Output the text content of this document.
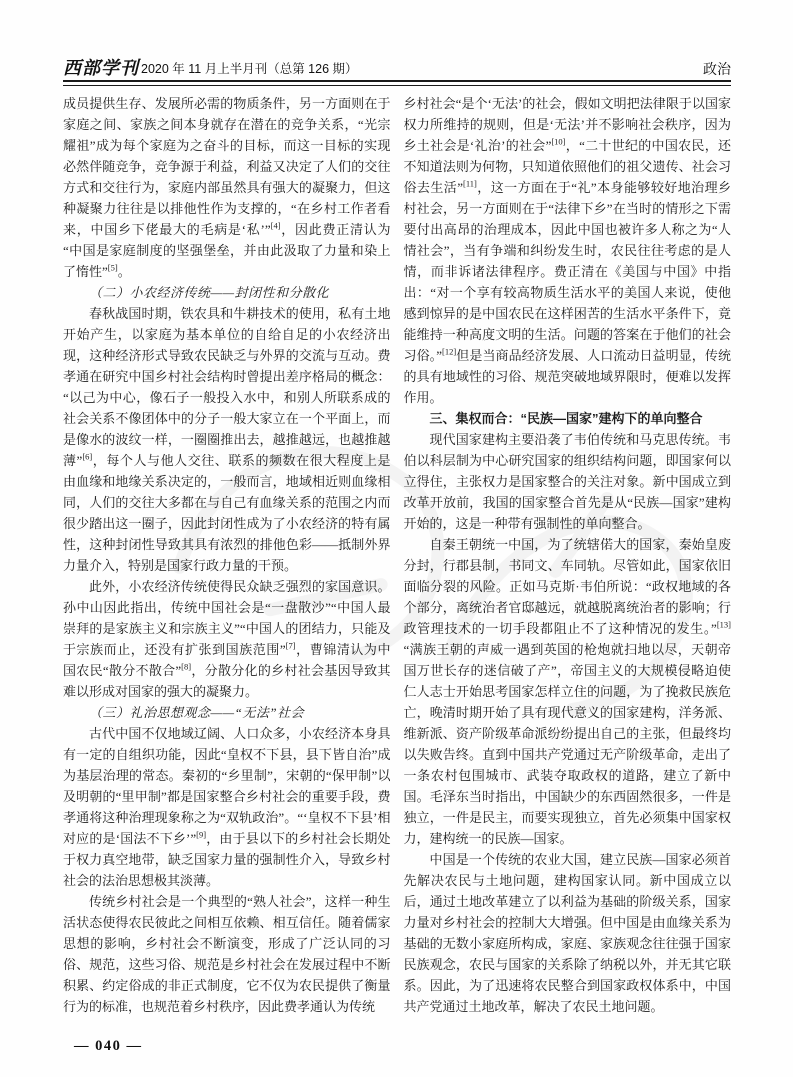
西部学刊 2020 年 11 月上半月刊（总第 126 期）	政治

成员提供生存、发展所必需的物质条件，另一方面则在于家庭之间、家族之间本身就存在潜在的竞争关系，“光宗耀祖”成为每个家庭为之奋斗的目标，而这一目标的实现必然伴随竞争，竞争源于利益，利益又决定了人们的交往方式和交往行为，家庭内部虽然具有强大的凝聚力，但这种凝聚力往往是以排他性作为支撑的，“在乡村工作者看来，中国乡下佬最大的毛病是‘私’”[4]，因此费正清认为“中国是家庭制度的坚强堡垒，并由此汲取了力量和染上了惰性”[5]。

（二）小农经济传统——封闭性和分散化

春秋战国时期，铁农具和牛耕技术的使用，私有土地开始产生，以家庭为基本单位的自给自足的小农经济出现，这种经济形式导致农民缺乏与外界的交流与互动。费孝通在研究中国乡村社会结构时曾提出差序格局的概念：“以己为中心，像石子一般投入水中，和别人所联系成的社会关系不像团体中的分子一般大家立在一个平面上，而是像水的波纹一样，一圈圈推出去，越推越远，也越推越薄”[6]，每个人与他人交往、联系的频数在很大程度上是由血缘和地缘关系决定的，一般而言，地域相近则血缘相同，人们的交往大多都在与自己有血缘关系的范围之内而很少踏出这一圈子，因此封闭性成为了小农经济的特有属性，这种封闭性导致其具有浓烈的排他色彩——抵制外界力量介入，特别是国家行政力量的干预。

此外，小农经济传统使得民众缺乏强烈的家国意识。孙中山因此指出，传统中国社会是“一盘散沙”“中国人最崇拜的是家族主义和宗族主义”“中国人的团结力，只能及于宗族而止，还没有扩张到国族范围”[7]，曹锦清认为中国农民“散分不散合”[8]，分散分化的乡村社会基因导致其难以形成对国家的强大的凝聚力。

（三）礼治思想观念——“无法”社会

古代中国不仅地域辽阔、人口众多，小农经济本身具有一定的自组织功能，因此“皇权不下县，县下皆自治”成为基层治理的常态。秦初的“乡里制”，宋朝的“保甲制”以及明朝的“里甲制”都是国家整合乡村社会的重要手段，费孝通将这种治理现象称之为“双轨政治”。“‘皇权不下县’相对应的是‘国法不下乡’”[9]，由于县以下的乡村社会长期处于权力真空地带，缺乏国家力量的强制性介入，导致乡村社会的法治思想极其淡薄。

传统乡村社会是一个典型的“熟人社会”，这样一种生活状态使得农民彼此之间相互依赖、相互信任。随着儒家思想的影响，乡村社会不断演变，形成了广泛认同的习俗、规范，这些习俗、规范是乡村社会在发展过程中不断积累、约定俗成的非正式制度，它不仅为农民提供了衡量行为的标准，也规范着乡村秩序，因此费孝通认为传统

乡村社会“是个‘无法’的社会，假如文明把法律限于以国家权力所维持的规则，但是‘无法’并不影响社会秩序，因为乡土社会是‘礼治’的社会”[10]，“二十世纪的中国农民，还不知道法则为何物，只知道依照他们的祖父遗传、社会习俗去生活”[11]，这一方面在于“礼”本身能够较好地治理乡村社会，另一方面则在于“法律下乡”在当时的情形之下需要付出高昂的治理成本，因此中国也被许多人称之为“人情社会”，当有争端和纠纷发生时，农民往往考虑的是人情，而非诉诸法律程序。费正清在《美国与中国》中指出：“对一个享有较高物质生活水平的美国人来说，使他感到惊异的是中国农民在这样困苦的生活水平条件下，竟能维持一种高度文明的生活。问题的答案在于他们的社会习俗。”[12]但是当商品经济发展、人口流动日益明显，传统的具有地域性的习俗、规范突破地域界限时，便难以发挥作用。

三、集权而合：“民族—国家”建构下的单向整合

现代国家建构主要沿袭了韦伯传统和马克思传统。韦伯以科层制为中心研究国家的组织结构问题，即国家何以立得住，主张权力是国家整合的关注对象。新中国成立到改革开放前，我国的国家整合首先是从“民族—国家”建构开始的，这是一种带有强制性的单向整合。

自秦王朝统一中国，为了统辖偌大的国家，秦始皇废分封，行郡县制，书同文、车同轨。尽管如此，国家依旧面临分裂的风险。正如马克斯·韦伯所说：“政权地域的各个部分，离统治者官邸越远，就越脱离统治者的影响；行政管理技术的一切手段都阻止不了这种情况的发生。”[13]“满族王朝的声威一遇到英国的枪炮就扫地以尽，天朝帝国万世长存的迷信破了产”，帝国主义的大规模侵略迫使仁人志士开始思考国家怎样立住的问题，为了挽救民族危亡，晚清时期开始了具有现代意义的国家建构，洋务派、维新派、资产阶级革命派纷纷提出自己的主张，但最终均以失败告终。直到中国共产党通过无产阶级革命，走出了一条农村包围城市、武装夺取政权的道路，建立了新中国。毛泽东当时指出，中国缺少的东西固然很多，一件是独立，一件是民主，而要实现独立，首先必须集中国家权力，建构统一的民族—国家。

中国是一个传统的农业大国，建立民族—国家必须首先解决农民与土地问题，建构国家认同。新中国成立以后，通过土地改革建立了以利益为基础的阶级关系，国家力量对乡村社会的控制大大增强。但中国是由血缘关系为基础的无数小家庭所构成，家庭、家族观念往往强于国家民族观念，农民与国家的关系除了纳税以外，并无其它联系。因此，为了迅速将农民整合到国家政权体系中，中国共产党通过土地改革，解决了农民土地问题。

— 040 —
